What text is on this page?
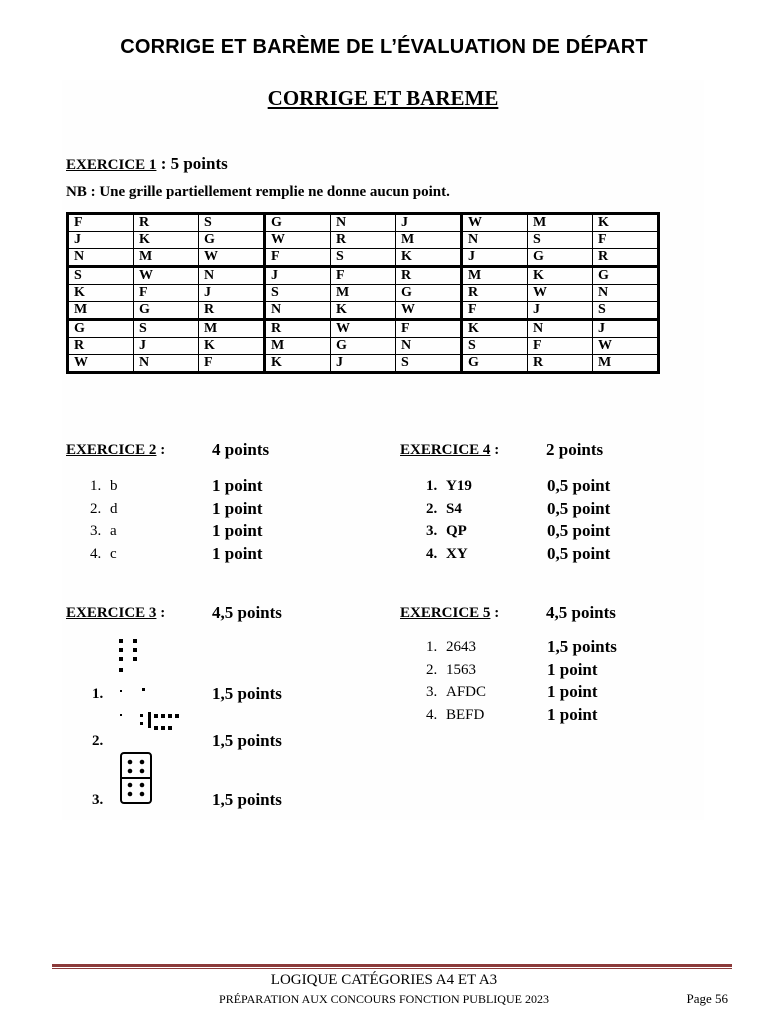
CORRIGE ET BARÈME DE L’ÉVALUATION DE DÉPART
CORRIGE ET BAREME
EXERCICE 1 : 5 points
NB : Une grille partiellement remplie ne donne aucun point.
F	R	S	G	N	J	W	M	K
J	K	G	W	R	M	N	S	F
N	M	W	F	S	K	J	G	R
S	W	N	J	F	R	M	K	G
K	F	J	S	M	G	R	W	N
M	G	R	N	K	W	F	J	S
G	S	M	R	W	F	K	N	J
R	J	K	M	G	N	S	F	W
W	N	F	K	J	S	G	R	M
EXERCICE 2 :	4 points
1. b	1 point
2. d	1 point
3. a	1 point
4. c	1 point
EXERCICE 4 :	2 points
1. Y19	0,5 point
2. S4	0,5 point
3. QP	0,5 point
4. XY	0,5 point
EXERCICE 3 :	4,5 points
1.	1,5 points
2.	1,5 points
3.	1,5 points
EXERCICE 5 :	4,5 points
1. 2643	1,5 points
2. 1563	1 point
3. AFDC	1 point
4. BEFD	1 point
LOGIQUE CATÉGORIES A4 ET A3
PRÉPARATION AUX CONCOURS FONCTION PUBLIQUE 2023	Page 56
